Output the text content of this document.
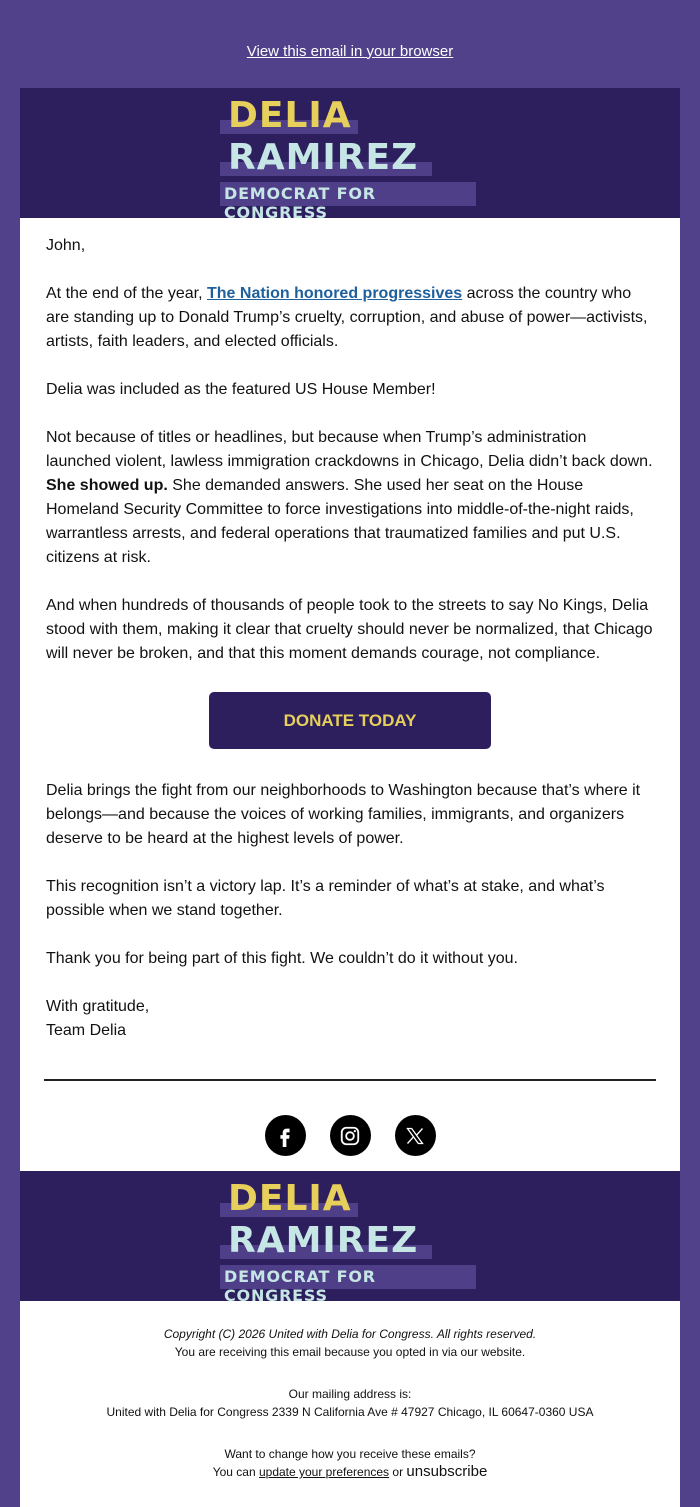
View this email in your browser
DELIA
RAMIREZ
DEMOCRAT FOR CONGRESS

John,

At the end of the year, The Nation honored progressives across the country who are standing up to Donald Trump’s cruelty, corruption, and abuse of power—activists, artists, faith leaders, and elected officials.

Delia was included as the featured US House Member!

Not because of titles or headlines, but because when Trump’s administration launched violent, lawless immigration crackdowns in Chicago, Delia didn’t back down. She showed up. She demanded answers. She used her seat on the House Homeland Security Committee to force investigations into middle-of-the-night raids, warrantless arrests, and federal operations that traumatized families and put U.S. citizens at risk.

And when hundreds of thousands of people took to the streets to say No Kings, Delia stood with them, making it clear that cruelty should never be normalized, that Chicago will never be broken, and that this moment demands courage, not compliance.

DONATE TODAY

Delia brings the fight from our neighborhoods to Washington because that’s where it belongs—and because the voices of working families, immigrants, and organizers deserve to be heard at the highest levels of power.

This recognition isn’t a victory lap. It’s a reminder of what’s at stake, and what’s possible when we stand together.

Thank you for being part of this fight. We couldn’t do it without you.

With gratitude,

Team Delia

DELIA
RAMIREZ
DEMOCRAT FOR CONGRESS
Copyright (C) 2026 United with Delia for Congress. All rights reserved.
You are receiving this email because you opted in via our website.
Our mailing address is:
United with Delia for Congress 2339 N California Ave # 47927 Chicago, IL 60647-0360 USA
Want to change how you receive these emails?
You can update your preferences or unsubscribe
